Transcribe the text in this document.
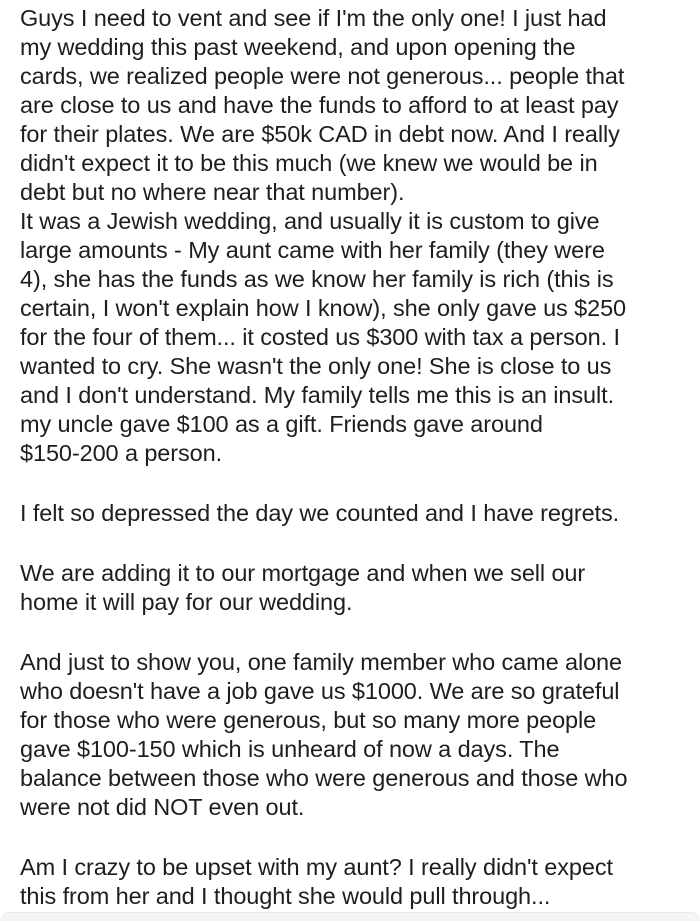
Guys I need to vent and see if I'm the only one! I just had
my wedding this past weekend, and upon opening the
cards, we realized people were not generous... people that
are close to us and have the funds to afford to at least pay
for their plates. We are $50k CAD in debt now. And I really
didn't expect it to be this much (we knew we would be in
debt but no where near that number).
It was a Jewish wedding, and usually it is custom to give
large amounts - My aunt came with her family (they were
4), she has the funds as we know her family is rich (this is
certain, I won't explain how I know), she only gave us $250
for the four of them... it costed us $300 with tax a person. I
wanted to cry. She wasn't the only one! She is close to us
and I don't understand. My family tells me this is an insult.
my uncle gave $100 as a gift. Friends gave around
$150-200 a person.
I felt so depressed the day we counted and I have regrets.
We are adding it to our mortgage and when we sell our
home it will pay for our wedding.
And just to show you, one family member who came alone
who doesn't have a job gave us $1000. We are so grateful
for those who were generous, but so many more people
gave $100-150 which is unheard of now a days. The
balance between those who were generous and those who
were not did NOT even out.
Am I crazy to be upset with my aunt? I really didn't expect
this from her and I thought she would pull through...
